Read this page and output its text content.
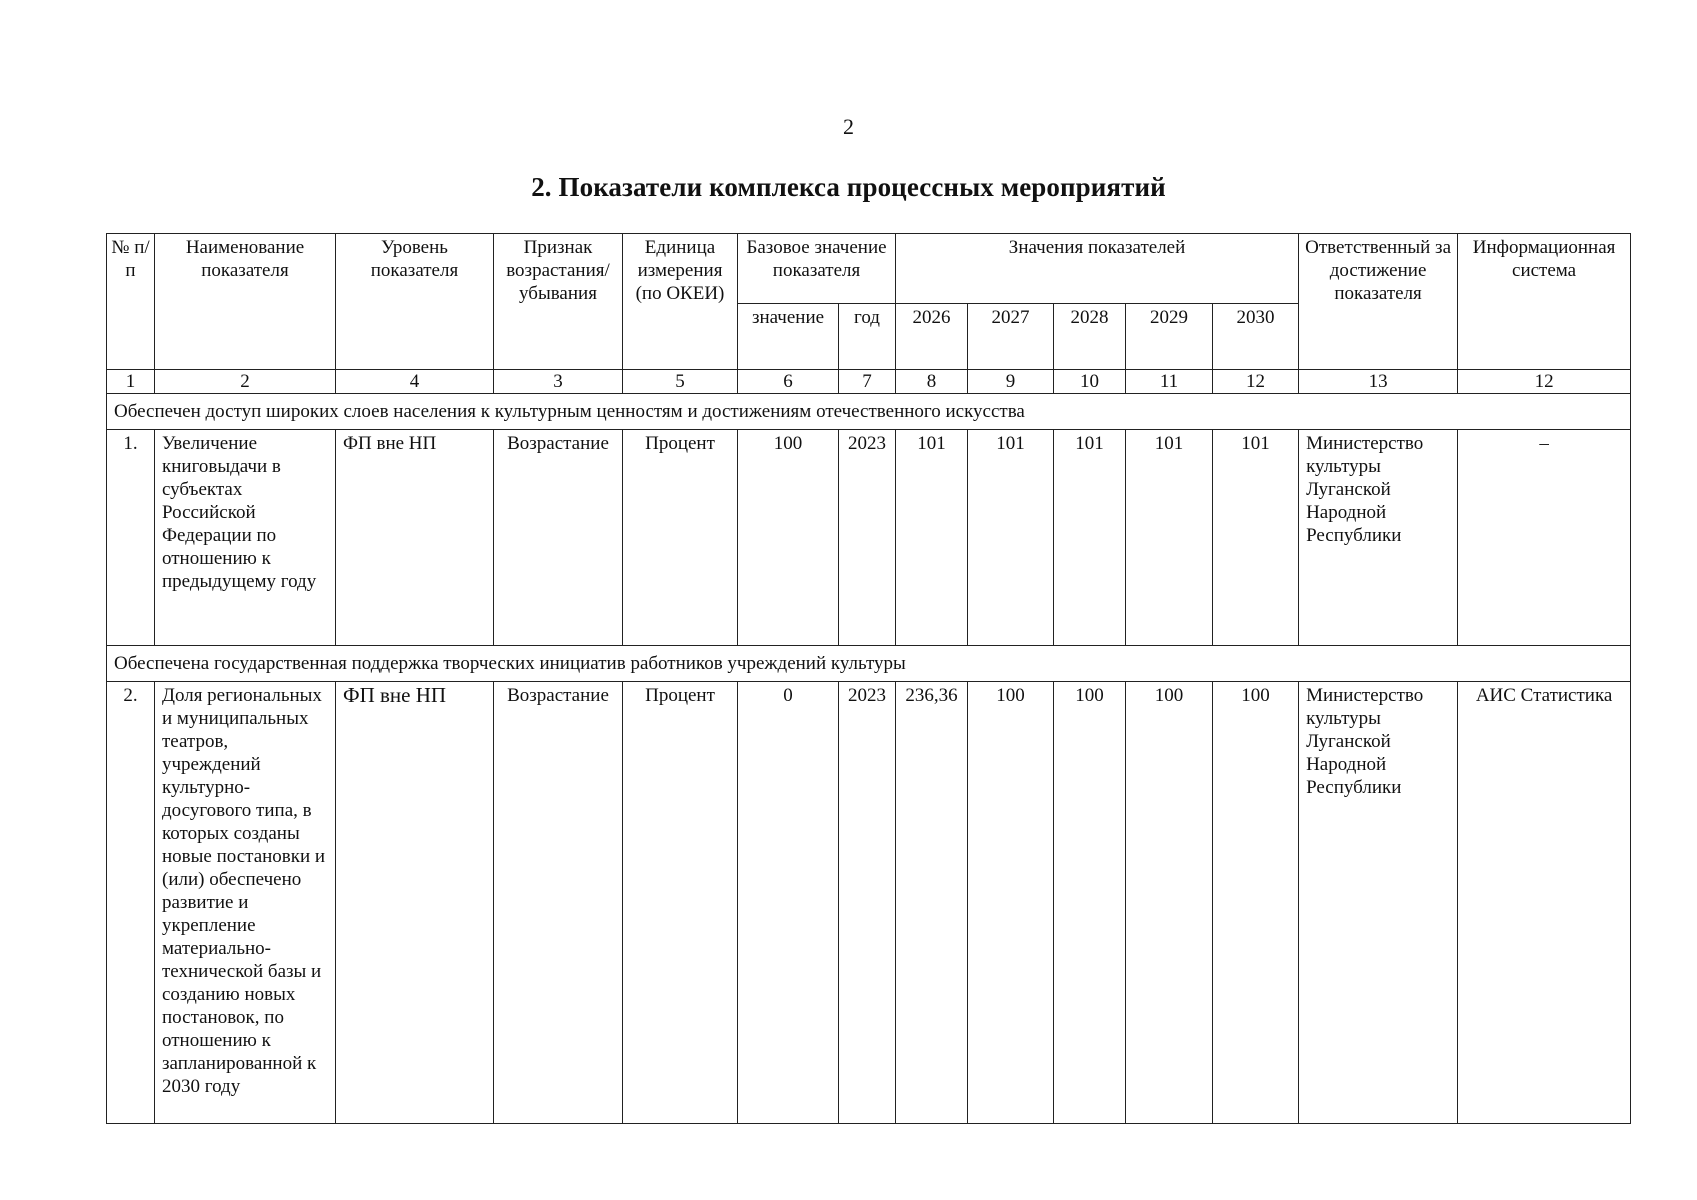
2
2. Показатели комплекса процессных мероприятий
№ п/п	Наименование показателя	Уровень показателя	Признак возрастания/ убывания	Единица измерения (по ОКЕИ)	Базовое значение показателя		Значения показателей					Ответственный за достижение показателя	Информационная система
					значение	год	2026	2027	2028	2029	2030		
1	2	4	3	5	6	7	8	9	10	11	12	13	12
Обеспечен доступ широких слоев населения к культурным ценностям и достижениям отечественного искусства													
1.	Увеличение книговыдачи в субъектах Российской Федерации по отношению к предыдущему году	ФП вне НП	Возрастание	Процент	100	2023	101	101	101	101	101	Министерство культуры Луганской Народной Республики	–
Обеспечена государственная поддержка творческих инициатив работников учреждений культуры													
2.	Доля региональных и муниципальных театров, учреждений культурно-досугового типа, в которых созданы новые постановки и (или) обеспечено развитие и укрепление материально-технической базы и созданию новых постановок, по отношению к запланированной к 2030 году	ФП вне НП	Возрастание	Процент	0	2023	236,36	100	100	100	100	Министерство культуры Луганской Народной Республики	АИС Статистика
